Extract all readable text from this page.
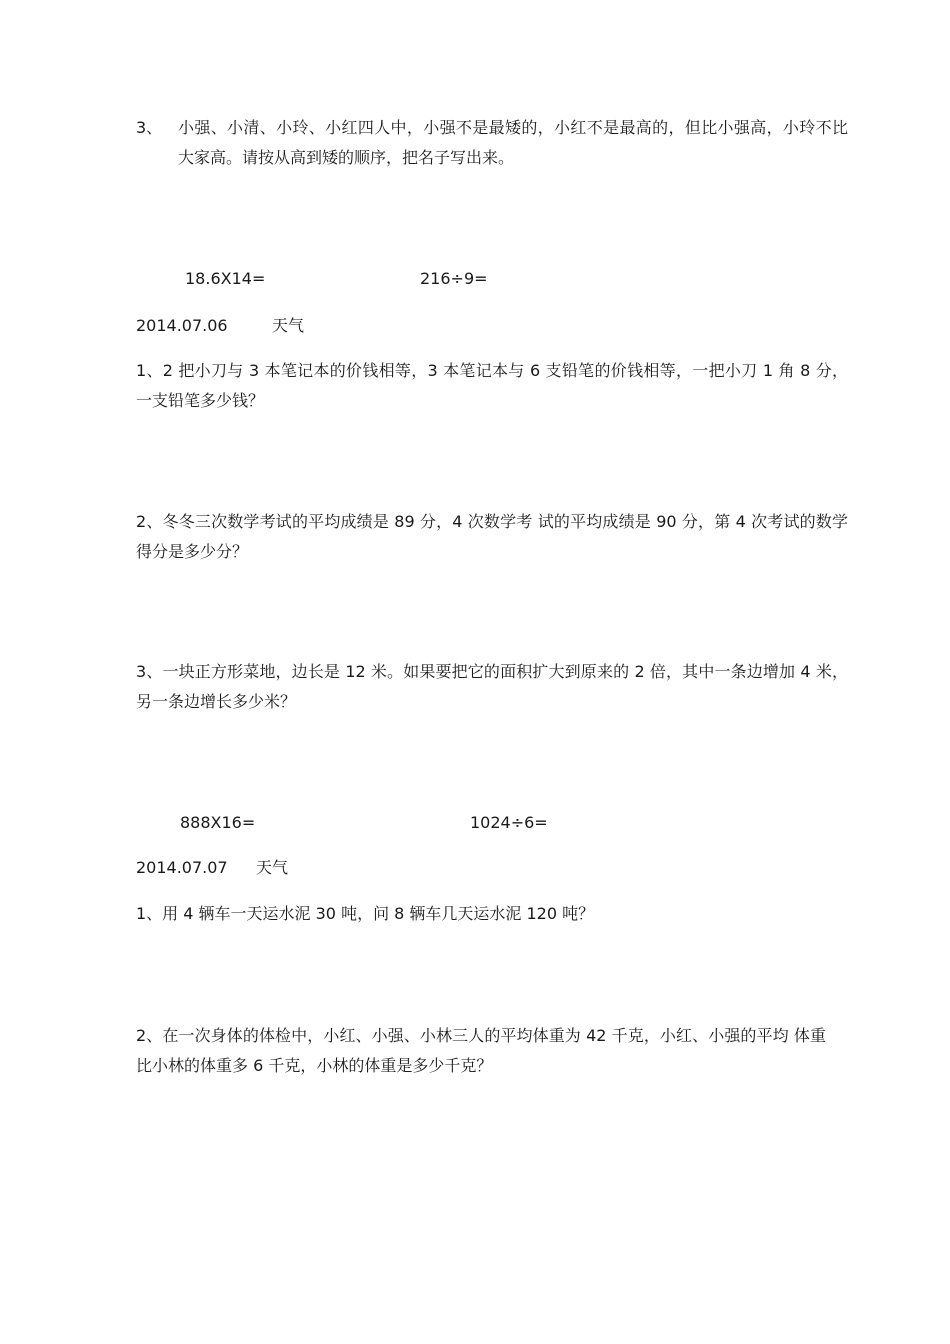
3、 小强、小清、小玲、小红四人中，小强不是最矮的，小红不是最高的，但比小强高，小玲不比大家高。请按从高到矮的顺序，把名子写出来。
18.6X14=	216÷9=
2014.07.06	天气
1、2 把小刀与 3 本笔记本的价钱相等，3 本笔记本与 6 支铅笔的价钱相等，一把小刀 1 角 8 分，一支铅笔多少钱？
2、冬冬三次数学考试的平均成绩是 89 分，4 次数学考 试的平均成绩是 90 分，第 4 次考试的数学得分是多少分？
3、一块正方形菜地，边长是 12 米。如果要把它的面积扩大到原来的 2 倍，其中一条边增加 4 米，另一条边增长多少米？
888X16=	1024÷6=
2014.07.07 天气
1、用 4 辆车一天运水泥 30 吨，问 8 辆车几天运水泥 120 吨？
2、在一次身体的体检中，小红、小强、小林三人的平均体重为 42 千克，小红、小强的平均 体重比小林的体重多 6 千克，小林的体重是多少千克？
